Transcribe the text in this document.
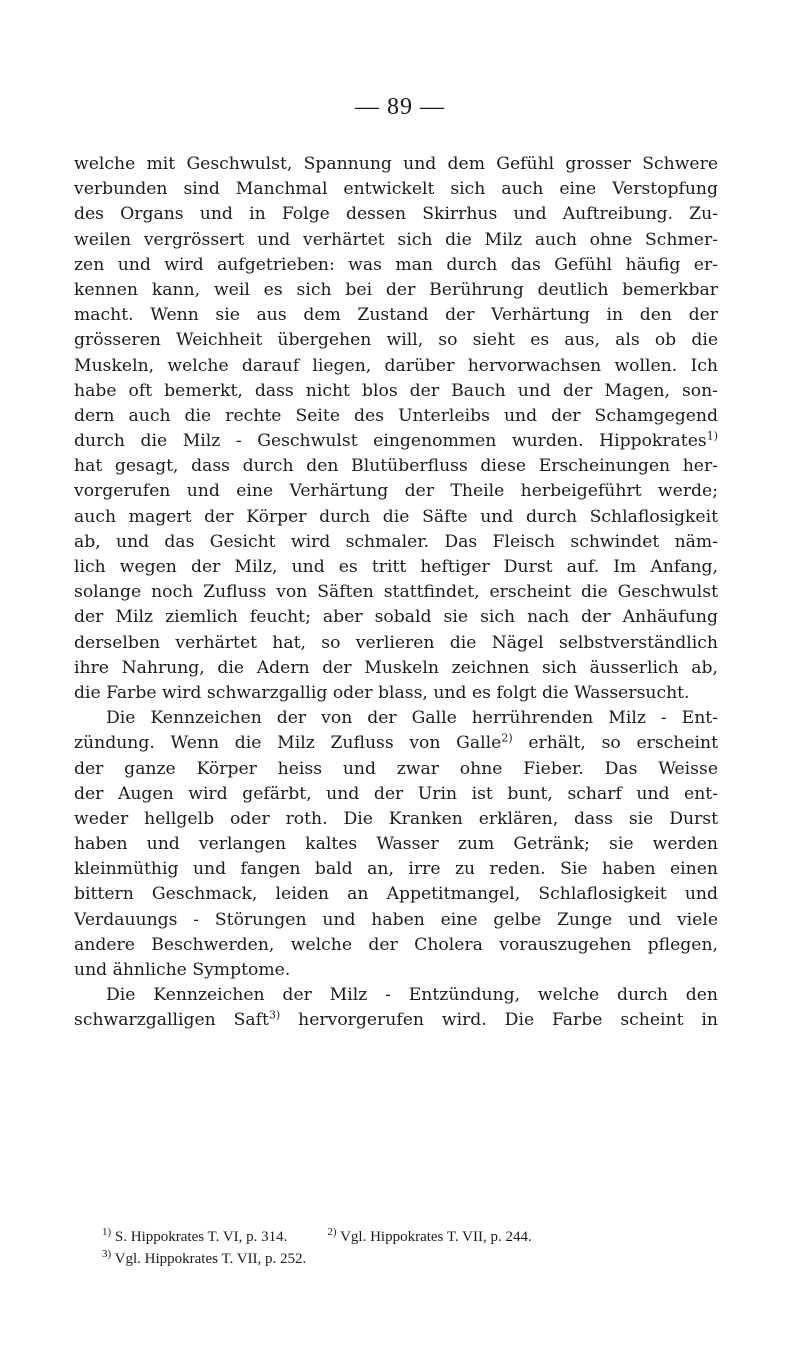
— 89 —
welche mit Geschwulst, Spannung und dem Gefühl grosser Schwere
verbunden sind Manchmal entwickelt sich auch eine Verstopfung
des Organs und in Folge dessen Skirrhus und Auftreibung. Zu-
weilen vergrössert und verhärtet sich die Milz auch ohne Schmer-
zen und wird aufgetrieben: was man durch das Gefühl häufig er-
kennen kann, weil es sich bei der Berührung deutlich bemerkbar
macht. Wenn sie aus dem Zustand der Verhärtung in den der
grösseren Weichheit übergehen will, so sieht es aus, als ob die
Muskeln, welche darauf liegen, darüber hervorwachsen wollen. Ich
habe oft bemerkt, dass nicht blos der Bauch und der Magen, son-
dern auch die rechte Seite des Unterleibs und der Schamgegend
durch die Milz - Geschwulst eingenommen wurden. Hippokrates$^{1)}$
hat gesagt, dass durch den Blutüberfluss diese Erscheinungen her-
vorgerufen und eine Verhärtung der Theile herbeigeführt werde;
auch magert der Körper durch die Säfte und durch Schlaflosigkeit
ab, und das Gesicht wird schmaler. Das Fleisch schwindet näm-
lich wegen der Milz, und es tritt heftiger Durst auf. Im Anfang,
solange noch Zufluss von Säften stattfindet, erscheint die Geschwulst
der Milz ziemlich feucht; aber sobald sie sich nach der Anhäufung
derselben verhärtet hat, so verlieren die Nägel selbstverständlich
ihre Nahrung, die Adern der Muskeln zeichnen sich äusserlich ab,
die Farbe wird schwarzgallig oder blass, und es folgt die Wassersucht.
Die Kennzeichen der von der Galle herrührenden Milz - Ent-
zündung. Wenn die Milz Zufluss von Galle$^{2)}$ erhält, so erscheint
der ganze Körper heiss und zwar ohne Fieber. Das Weisse
der Augen wird gefärbt, und der Urin ist bunt, scharf und ent-
weder hellgelb oder roth. Die Kranken erklären, dass sie Durst
haben und verlangen kaltes Wasser zum Getränk; sie werden
kleinmüthig und fangen bald an, irre zu reden. Sie haben einen
bittern Geschmack, leiden an Appetitmangel, Schlaflosigkeit und
Verdauungs - Störungen und haben eine gelbe Zunge und viele
andere Beschwerden, welche der Cholera vorauszugehen pflegen,
und ähnliche Symptome.
Die Kennzeichen der Milz - Entzündung, welche durch den
schwarzgalligen Saft$^{3)}$ hervorgerufen wird. Die Farbe scheint in
$^{1)}$ S. Hippokrates T. VI, p. 314.	$^{2)}$ Vgl. Hippokrates T. VII, p. 244.
$^{3)}$ Vgl. Hippokrates T. VII, p. 252.
